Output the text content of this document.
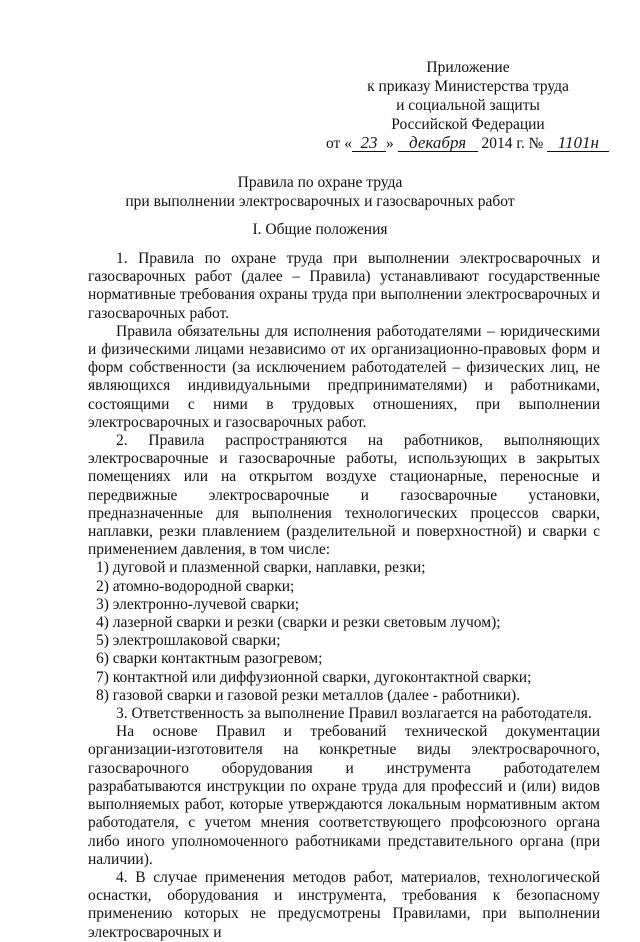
Приложение
к приказу Министерства труда
и социальной защиты
Российской Федерации
от « 23 » декабря 2014 г. № 1101н
Правила по охране труда
при выполнении электросварочных и газосварочных работ
I. Общие положения

1. Правила по охране труда при выполнении электросварочных и газосварочных работ (далее – Правила) устанавливают государственные нормативные требования охраны труда при выполнении электросварочных и газосварочных работ.

Правила обязательны для исполнения работодателями – юридическими и физическими лицами независимо от их организационно-правовых форм и форм собственности (за исключением работодателей – физических лиц, не являющихся индивидуальными предпринимателями) и работниками, состоящими с ними в трудовых отношениях, при выполнении электросварочных и газосварочных работ.

2. Правила распространяются на работников, выполняющих электросварочные и газосварочные работы, использующих в закрытых помещениях или на открытом воздухе стационарные, переносные и передвижные электросварочные и газосварочные установки, предназначенные для выполнения технологических процессов сварки, наплавки, резки плавлением (разделительной и поверхностной) и сварки с применением давления, в том числе:

1) дуговой и плазменной сварки, наплавки, резки;

2) атомно-водородной сварки;

3) электронно-лучевой сварки;

4) лазерной сварки и резки (сварки и резки световым лучом);

5) электрошлаковой сварки;

6) сварки контактным разогревом;

7) контактной или диффузионной сварки, дугоконтактной сварки;

8) газовой сварки и газовой резки металлов (далее - работники).

3. Ответственность за выполнение Правил возлагается на работодателя.

На основе Правил и требований технической документации организации-изготовителя на конкретные виды электросварочного, газосварочного оборудования и инструмента работодателем разрабатываются инструкции по охране труда для профессий и (или) видов выполняемых работ, которые утверждаются локальным нормативным актом работодателя, с учетом мнения соответствующего профсоюзного органа либо иного уполномоченного работниками представительного органа (при наличии).

4. В случае применения методов работ, материалов, технологической оснастки, оборудования и инструмента, требования к безопасному применению которых не предусмотрены Правилами, при выполнении электросварочных и
